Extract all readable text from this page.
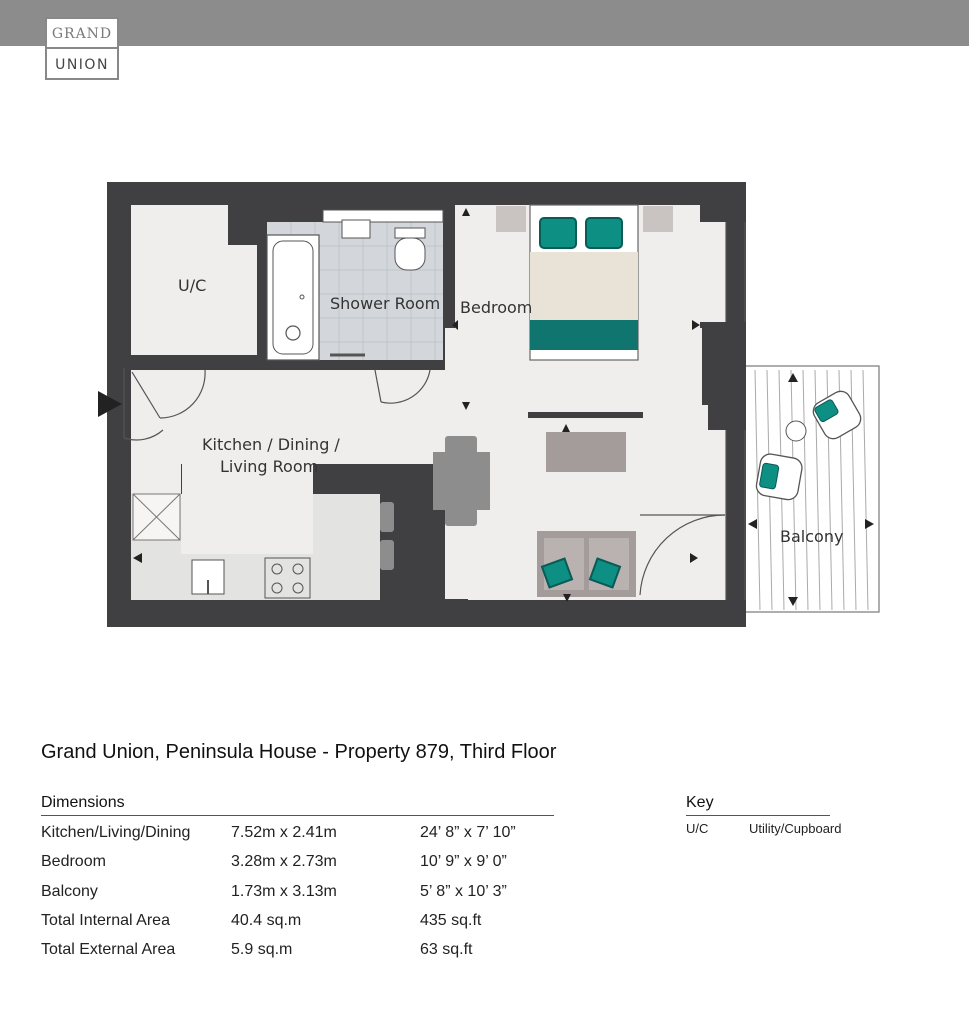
GRAND
UNION
U/C
Shower Room Bedroom
Kitchen / Dining /
Living Room
Balcony
Grand Union, Peninsula House - Property 879, Third Floor
Dimensions
Kitchen/Living/Dining	7.52m x 2.41m	24’ 8” x 7’ 10”
Bedroom	3.28m x 2.73m	10’ 9” x 9’ 0”
Balcony	1.73m x 3.13m	5’ 8” x 10’ 3”
Total Internal Area	40.4 sq.m	435 sq.ft
Total External Area	5.9 sq.m	63 sq.ft
Key
U/C	Utility/Cupboard
